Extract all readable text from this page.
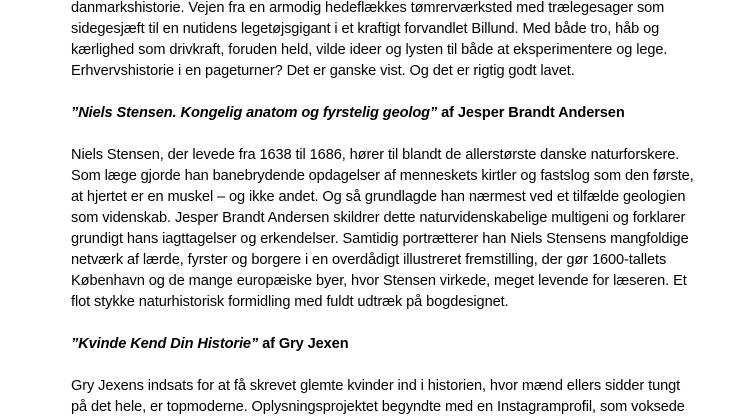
danmarkshistorie. Vejen fra en armodig hedeflækkes tømrerværksted med trælegesager som
sidegesjæft til en nutidens legetøjsgigant i et kraftigt forvandlet Billund. Med både tro, håb og
kærlighed som drivkraft, foruden held, vilde ideer og lysten til både at eksperimentere og lege.
Erhvervshistorie i en pageturner? Det er ganske vist. Og det er rigtig godt lavet.

”Niels Stensen. Kongelig anatom og fyrstelig geolog” af Jesper Brandt Andersen

Niels Stensen, der levede fra 1638 til 1686, hører til blandt de allerstørste danske naturforskere.
Som læge gjorde han banebrydende opdagelser af menneskets kirtler og fastslog som den første,
at hjertet er en muskel – og ikke andet. Og så grundlagde han nærmest ved et tilfælde geologien
som videnskab. Jesper Brandt Andersen skildrer dette naturvidenskabelige multigeni og forklarer
grundigt hans iagttagelser og erkendelser. Samtidig portrætterer han Niels Stensens mangfoldige
netværk af lærde, fyrster og borgere i en overdådigt illustreret fremstilling, der gør 1600-tallets
København og de mange europæiske byer, hvor Stensen virkede, meget levende for læseren. Et
flot stykke naturhistorisk formidling med fuldt udtræk på bogdesignet.

”Kvinde Kend Din Historie” af Gry Jexen

Gry Jexens indsats for at få skrevet glemte kvinder ind i historien, hvor mænd ellers sidder tungt
på det hele, er topmoderne. Oplysningsprojektet begyndte med en Instagramprofil, som voksede
